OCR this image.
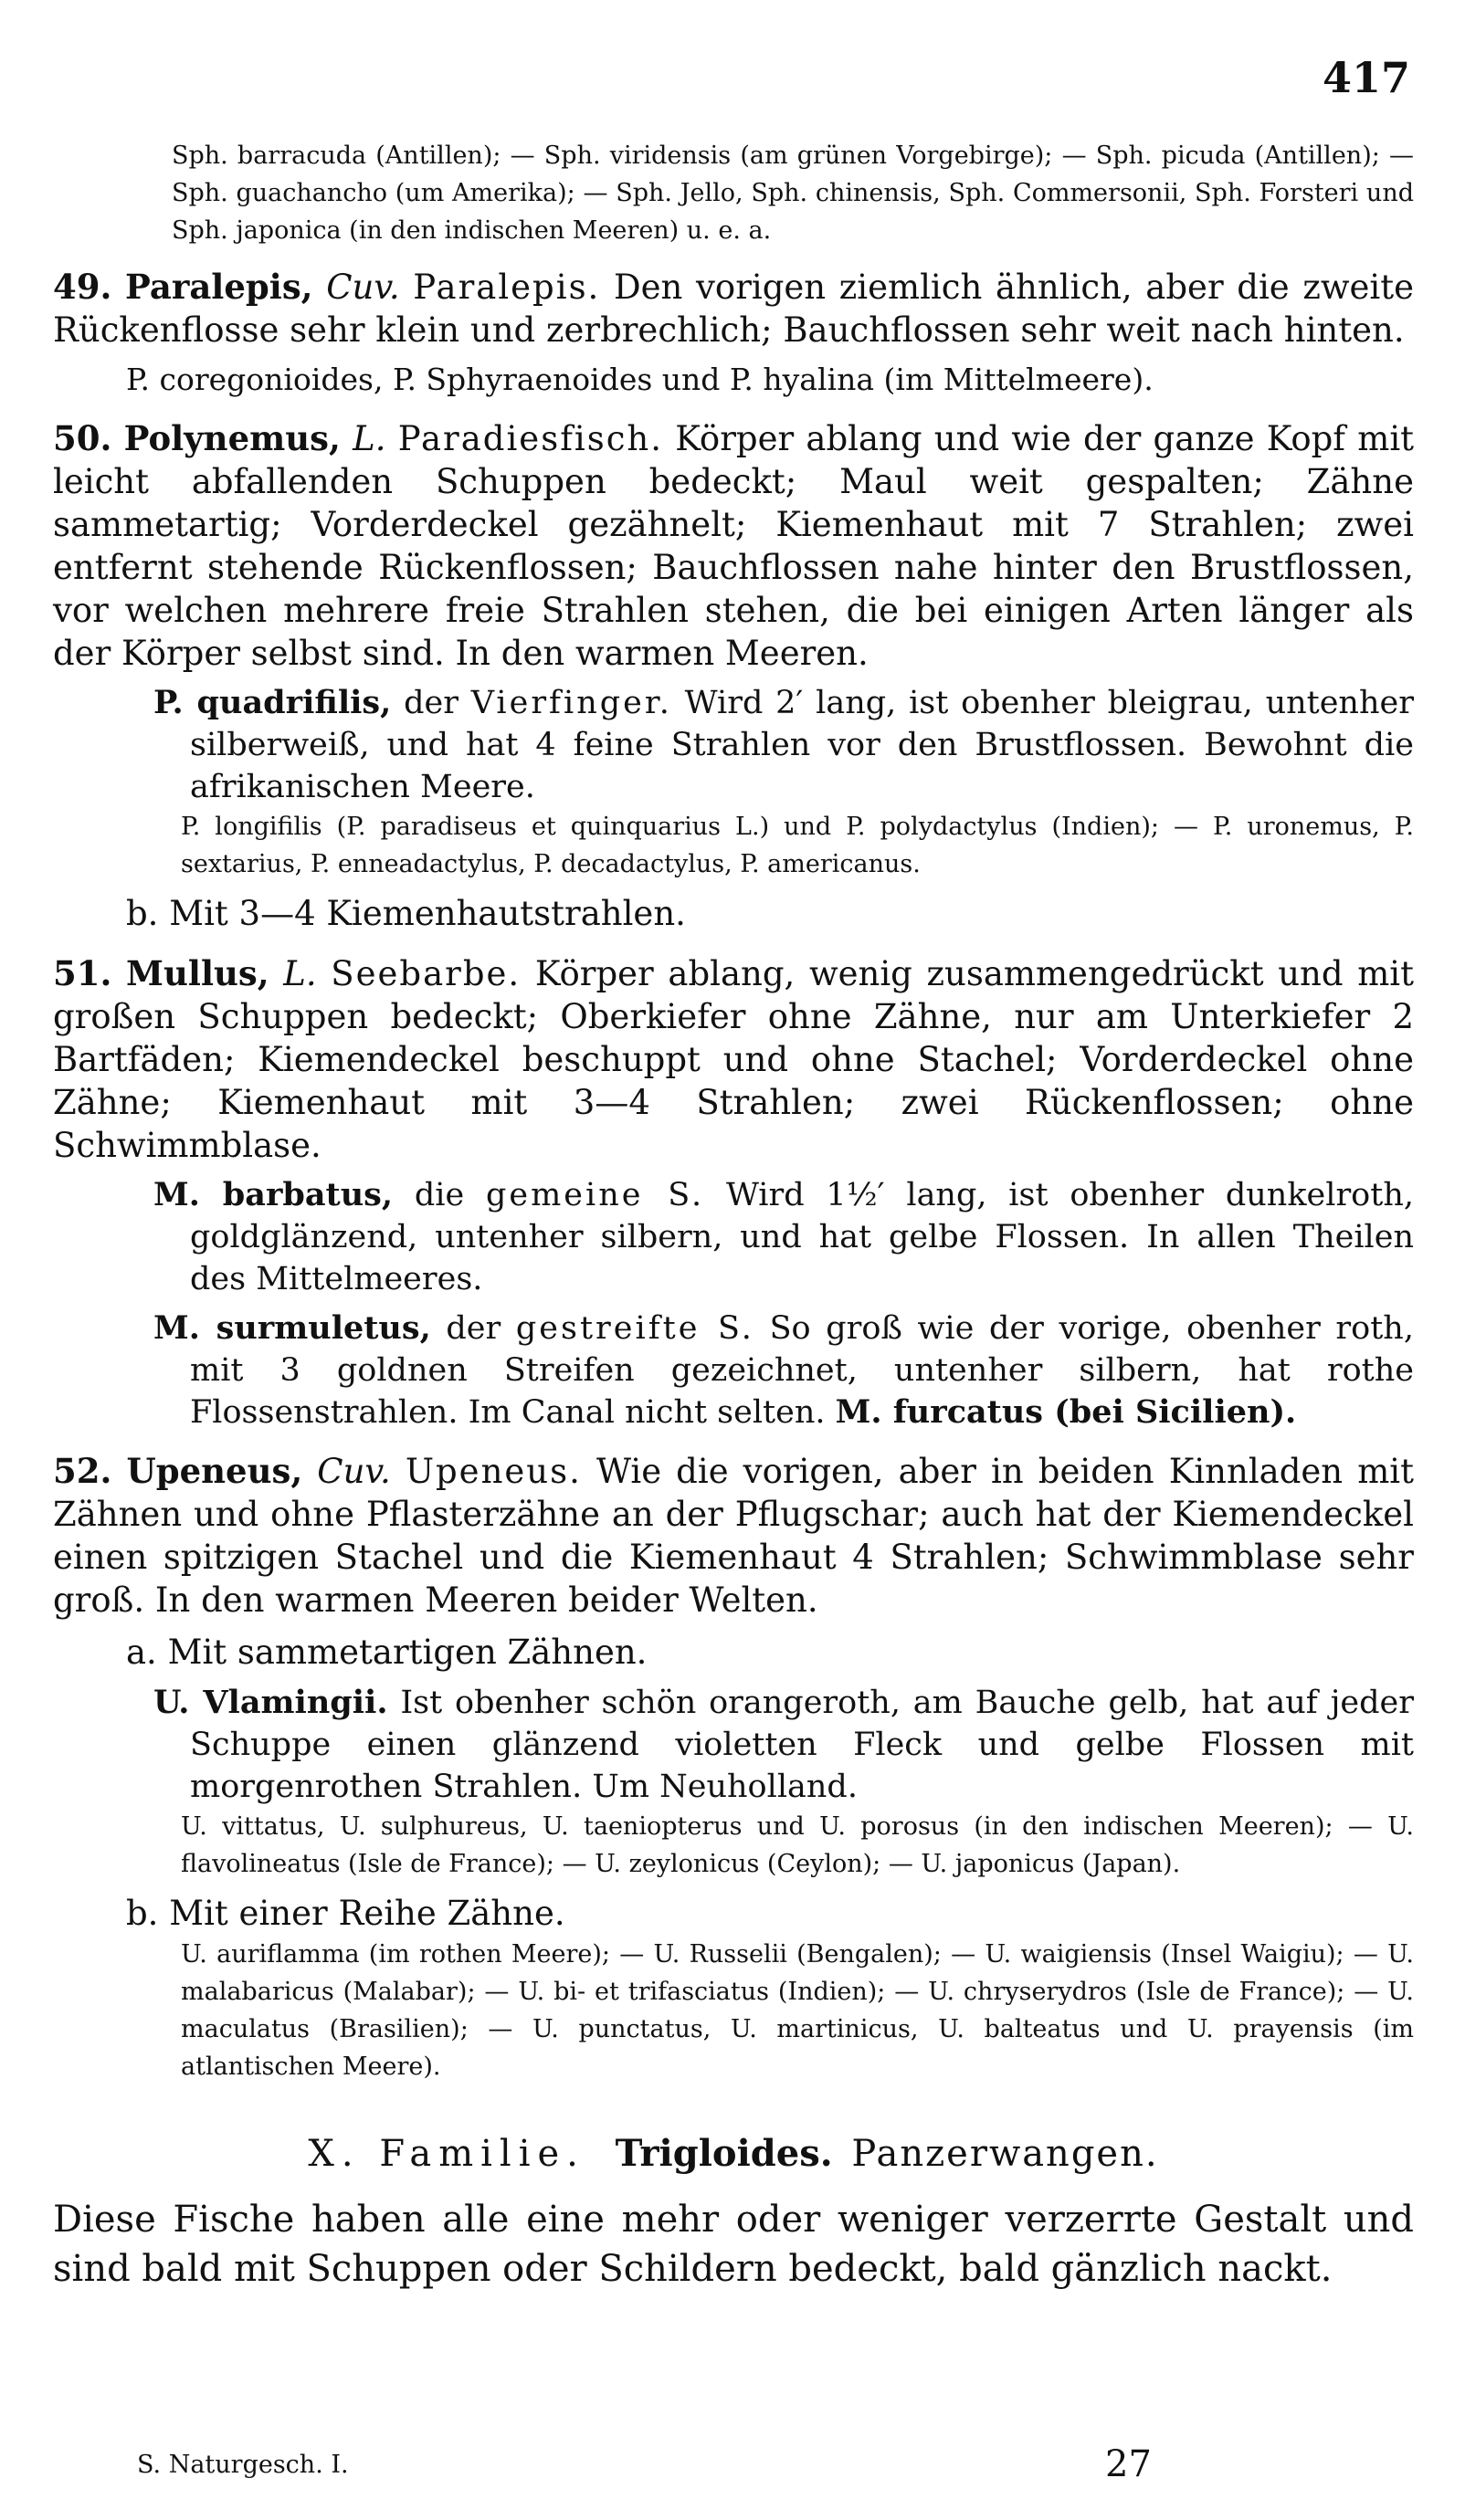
417

Sph. barracuda (Antillen); — Sph. viridensis (am grünen Vorgebirge); — Sph. picuda (Antillen); — Sph. guachancho (um Amerika); — Sph. Jello, Sph. chinensis, Sph. Commersonii, Sph. Forsteri und Sph. japonica (in den indischen Meeren) u. e. a.

49. Paralepis, Cuv. Paralepis. Den vorigen ziemlich ähnlich, aber die zweite Rückenflosse sehr klein und zerbrechlich; Bauchflossen sehr weit nach hinten.

P. coregonioides, P. Sphyraenoides und P. hyalina (im Mittelmeere).

50. Polynemus, L. Paradiesfisch. Körper ablang und wie der ganze Kopf mit leicht abfallenden Schuppen bedeckt; Maul weit gespalten; Zähne sammetartig; Vorderdeckel gezähnelt; Kiemenhaut mit 7 Strahlen; zwei entfernt stehende Rückenflossen; Bauchflossen nahe hinter den Brustflossen, vor welchen mehrere freie Strahlen stehen, die bei einigen Arten länger als der Körper selbst sind. In den warmen Meeren.

P. quadrifilis, der Vierfinger. Wird 2′ lang, ist obenher bleigrau, untenher silberweiß, und hat 4 feine Strahlen vor den Brustflossen. Bewohnt die afrikanischen Meere.

P. longifilis (P. paradiseus et quinquarius L.) und P. polydactylus (Indien); — P. uronemus, P. sextarius, P. enneadactylus, P. decadactylus, P. americanus.

b. Mit 3—4 Kiemenhautstrahlen.

51. Mullus, L. Seebarbe. Körper ablang, wenig zusammengedrückt und mit großen Schuppen bedeckt; Oberkiefer ohne Zähne, nur am Unterkiefer 2 Bartfäden; Kiemendeckel beschuppt und ohne Stachel; Vorderdeckel ohne Zähne; Kiemenhaut mit 3—4 Strahlen; zwei Rückenflossen; ohne Schwimmblase.

M. barbatus, die gemeine S. Wird 1½′ lang, ist obenher dunkelroth, goldglänzend, untenher silbern, und hat gelbe Flossen. In allen Theilen des Mittelmeeres.

M. surmuletus, der gestreifte S. So groß wie der vorige, obenher roth, mit 3 goldnen Streifen gezeichnet, untenher silbern, hat rothe Flossenstrahlen. Im Canal nicht selten. M. furcatus (bei Sicilien).

52. Upeneus, Cuv. Upeneus. Wie die vorigen, aber in beiden Kinnladen mit Zähnen und ohne Pflasterzähne an der Pflugschar; auch hat der Kiemendeckel einen spitzigen Stachel und die Kiemenhaut 4 Strahlen; Schwimmblase sehr groß. In den warmen Meeren beider Welten.

a. Mit sammetartigen Zähnen.

U. Vlamingii. Ist obenher schön orangeroth, am Bauche gelb, hat auf jeder Schuppe einen glänzend violetten Fleck und gelbe Flossen mit morgenrothen Strahlen. Um Neuholland.

U. vittatus, U. sulphureus, U. taeniopterus und U. porosus (in den indischen Meeren); — U. flavolineatus (Isle de France); — U. zeylonicus (Ceylon); — U. japonicus (Japan).

b. Mit einer Reihe Zähne.

U. auriflamma (im rothen Meere); — U. Russelii (Bengalen); — U. waigiensis (Insel Waigiu); — U. malabaricus (Malabar); — U. bi- et trifasciatus (Indien); — U. chryserydros (Isle de France); — U. maculatus (Brasilien); — U. punctatus, U. martinicus, U. balteatus und U. prayensis (im atlantischen Meere).

X. Familie. Trigloides. Panzerwangen.

Diese Fische haben alle eine mehr oder weniger verzerrte Gestalt und sind bald mit Schuppen oder Schildern bedeckt, bald gänzlich nackt.

S. Naturgesch. I.	27
